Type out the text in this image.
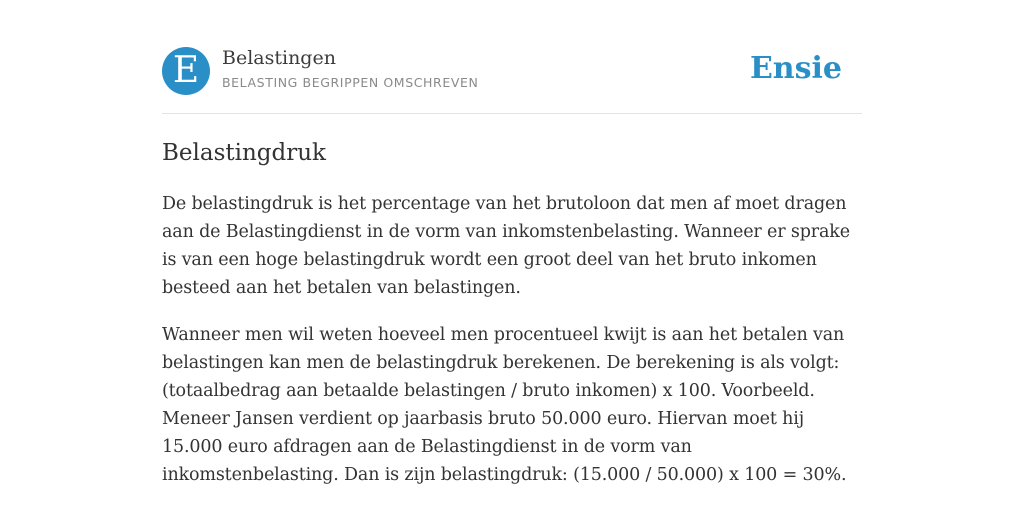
E Belastingen
BELASTING BEGRIPPEN OMSCHREVEN	Ensie
Belastingdruk

De belastingdruk is het percentage van het brutoloon dat men af moet dragen aan de Belastingdienst in de vorm van inkomstenbelasting. Wanneer er sprake is van een hoge belastingdruk wordt een groot deel van het bruto inkomen besteed aan het betalen van belastingen.

Wanneer men wil weten hoeveel men procentueel kwijt is aan het betalen van belastingen kan men de belastingdruk berekenen. De berekening is als volgt: (totaalbedrag aan betaalde belastingen / bruto inkomen) x 100. Voorbeeld. Meneer Jansen verdient op jaarbasis bruto 50.000 euro. Hiervan moet hij 15.000 euro afdragen aan de Belastingdienst in de vorm van inkomstenbelasting. Dan is zijn belastingdruk: (15.000 / 50.000) x 100 = 30%.
